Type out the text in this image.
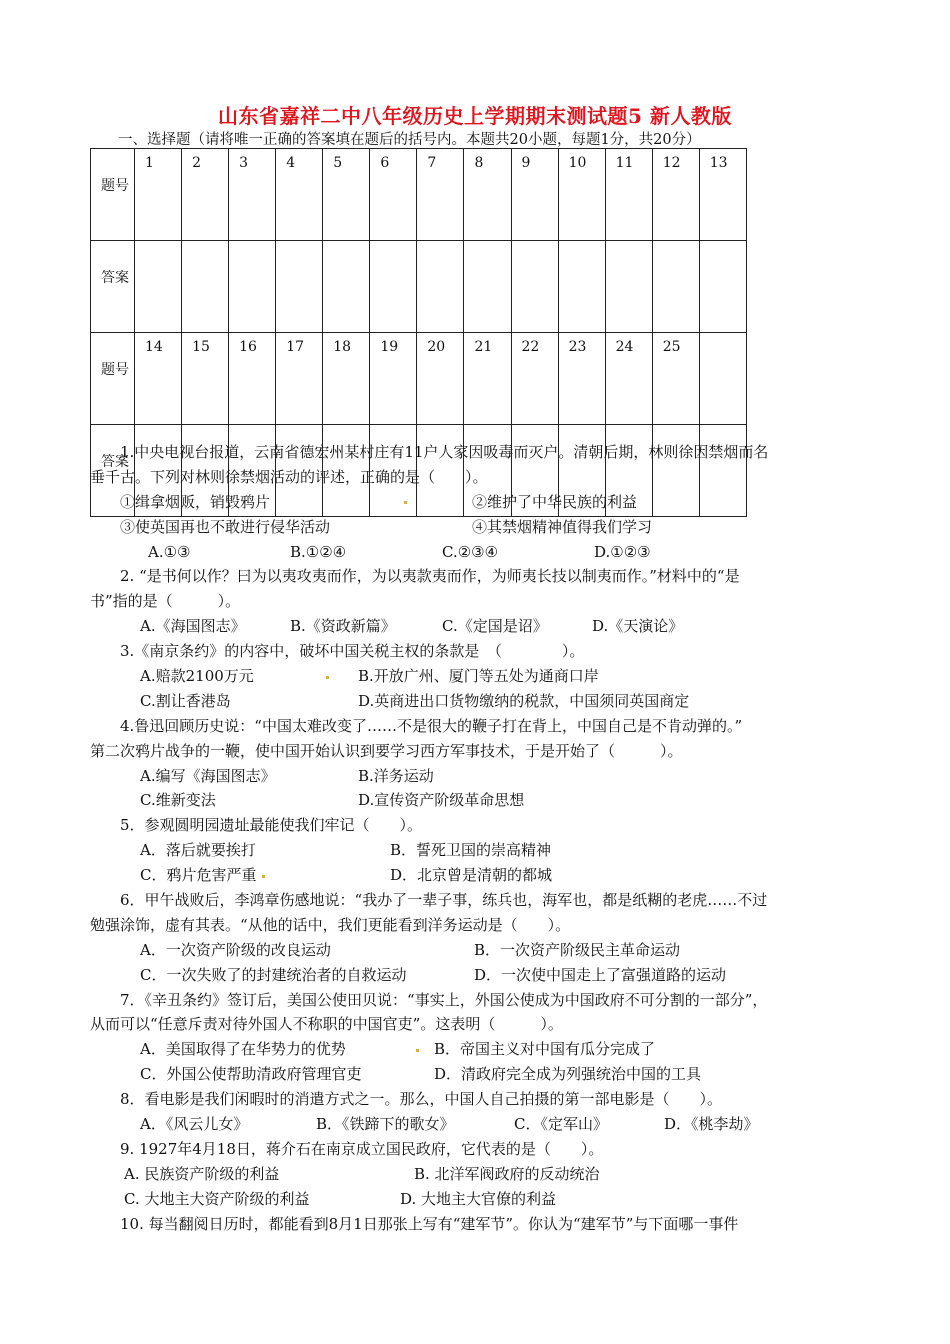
山东省嘉祥二中八年级历史上学期期末测试题5 新人教版
一、选择题（请将唯一正确的答案填在题后的括号内。本题共20小题，每题1分，共20分）
题号	1	2	3	4	5	6	7	8	9	10	11	12	13
答案													
题号	14	15	16	17	18	19	20	21	22	23	24	25	
答案													
1.中央电视台报道，云南省德宏州某村庄有11户人家因吸毒而灭户。清朝后期，林则徐因禁烟而名
垂千古。下列对林则徐禁烟活动的评述，正确的是（　　）。
①缉拿烟贩，销毁鸦片	②维护了中华民族的利益
③使英国再也不敢进行侵华活动	④其禁烟精神值得我们学习
A.①③	B.①②④	C.②③④	D.①②③
2. “是书何以作？曰为以夷攻夷而作，为以夷款夷而作，为师夷长技以制夷而作。”材料中的“是
书”指的是（　　　）。
A.《海国图志》	B.《资政新篇》	C.《定国是诏》	D.《天演论》
3.《南京条约》的内容中，破坏中国关税主权的条款是　（　　　　）。
A.赔款2100万元	B.开放广州、厦门等五处为通商口岸
C.割让香港岛	D.英商进出口货物缴纳的税款，中国须同英国商定
4.鲁迅回顾历史说：“中国太难改变了……不是很大的鞭子打在背上，中国自己是不肯动弹的。”
第二次鸦片战争的一鞭，使中国开始认识到要学习西方军事技术，于是开始了（　　　）。
A.编写《海国图志》	B.洋务运动
C.维新变法	D.宣传资产阶级革命思想
5．参观圆明园遗址最能使我们牢记（　　）。
A．落后就要挨打	B．誓死卫国的崇高精神
C．鸦片危害严重	D．北京曾是清朝的都城
6．甲午战败后，李鸿章伤感地说：“我办了一辈子事，练兵也，海军也，都是纸糊的老虎……不过
勉强涂饰，虚有其表。“从他的话中，我们更能看到洋务运动是（　　）。
A．一次资产阶级的改良运动	B．一次资产阶级民主革命运动
C．一次失败了的封建统治者的自救运动	D．一次使中国走上了富强道路的运动
7．《辛丑条约》签订后，美国公使田贝说：“事实上，外国公使成为中国政府不可分割的一部分”，
从而可以“任意斥责对待外国人不称职的中国官吏”。这表明（　　　）。
A．美国取得了在华势力的优势	B．帝国主义对中国有瓜分完成了
C．外国公使帮助清政府管理官吏	D．清政府完全成为列强统治中国的工具
8．看电影是我们闲暇时的消遣方式之一。那么，中国人自己拍摄的第一部电影是（　　）。
A．《风云儿女》	B．《铁蹄下的歌女》	C．《定军山》	D．《桃李劫》
9. 1927年4月18日，蒋介石在南京成立国民政府，它代表的是（　　）。
A. 民族资产阶级的利益	B. 北洋军阀政府的反动统治
C. 大地主大资产阶级的利益	D. 大地主大官僚的利益
10. 每当翻阅日历时，都能看到8月1日那张上写有“建军节”。你认为“建军节”与下面哪一事件
